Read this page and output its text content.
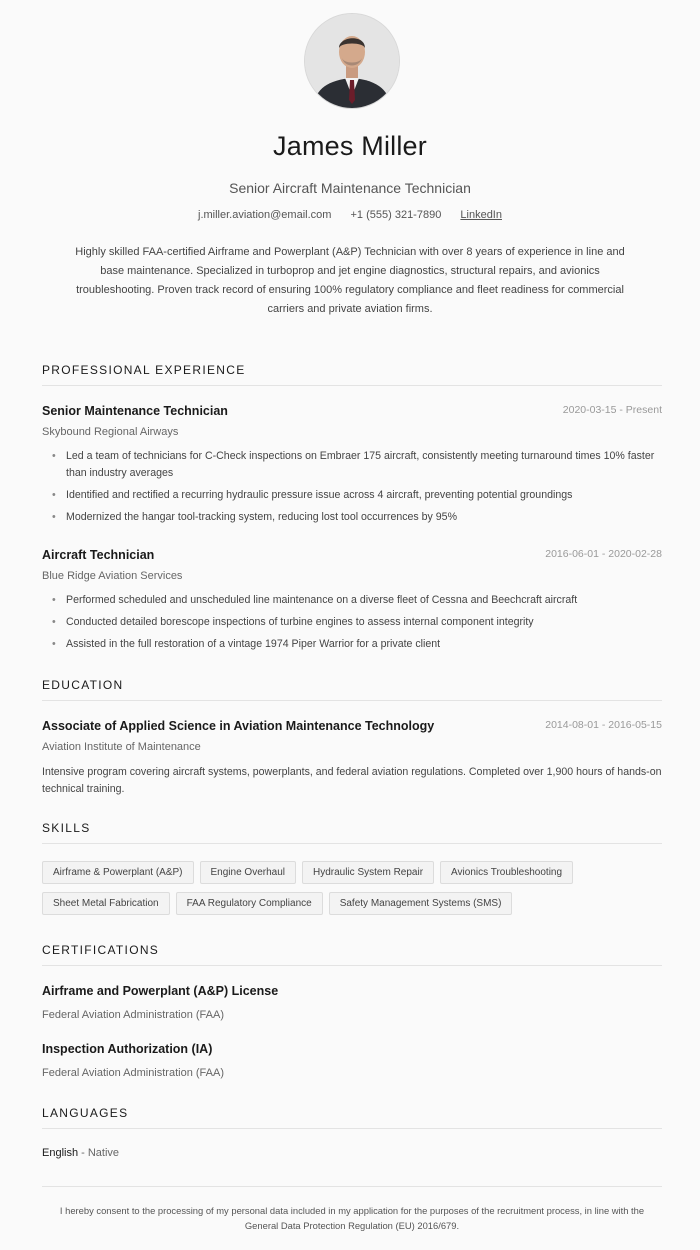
James Miller
Senior Aircraft Maintenance Technician
j.miller.aviation@email.com +1 (555) 321-7890 LinkedIn
Highly skilled FAA-certified Airframe and Powerplant (A&P) Technician with over 8 years of experience in line and base maintenance. Specialized in turboprop and jet engine diagnostics, structural repairs, and avionics troubleshooting. Proven track record of ensuring 100% regulatory compliance and fleet readiness for commercial carriers and private aviation firms.
PROFESSIONAL EXPERIENCE
Senior Maintenance Technician	2020-03-15 - Present
Skybound Regional Airways
• Led a team of technicians for C-Check inspections on Embraer 175 aircraft, consistently meeting turnaround times 10% faster than industry averages
• Identified and rectified a recurring hydraulic pressure issue across 4 aircraft, preventing potential groundings
• Modernized the hangar tool-tracking system, reducing lost tool occurrences by 95%
Aircraft Technician	2016-06-01 - 2020-02-28
Blue Ridge Aviation Services
• Performed scheduled and unscheduled line maintenance on a diverse fleet of Cessna and Beechcraft aircraft
• Conducted detailed borescope inspections of turbine engines to assess internal component integrity
• Assisted in the full restoration of a vintage 1974 Piper Warrior for a private client
EDUCATION
Associate of Applied Science in Aviation Maintenance Technology	2014-08-01 - 2016-05-15
Aviation Institute of Maintenance
Intensive program covering aircraft systems, powerplants, and federal aviation regulations. Completed over 1,900 hours of hands-on technical training.
SKILLS
Airframe & Powerplant (A&P)	Engine Overhaul	Hydraulic System Repair	Avionics TroubleshootingSheet Metal Fabrication	FAA Regulatory Compliance	Safety Management Systems (SMS)
CERTIFICATIONS
Airframe and Powerplant (A&P) License
Federal Aviation Administration (FAA)
Inspection Authorization (IA)
Federal Aviation Administration (FAA)
LANGUAGES
English - Native
I hereby consent to the processing of my personal data included in my application for the purposes of the recruitment process, in line with the General Data Protection Regulation (EU) 2016/679.
